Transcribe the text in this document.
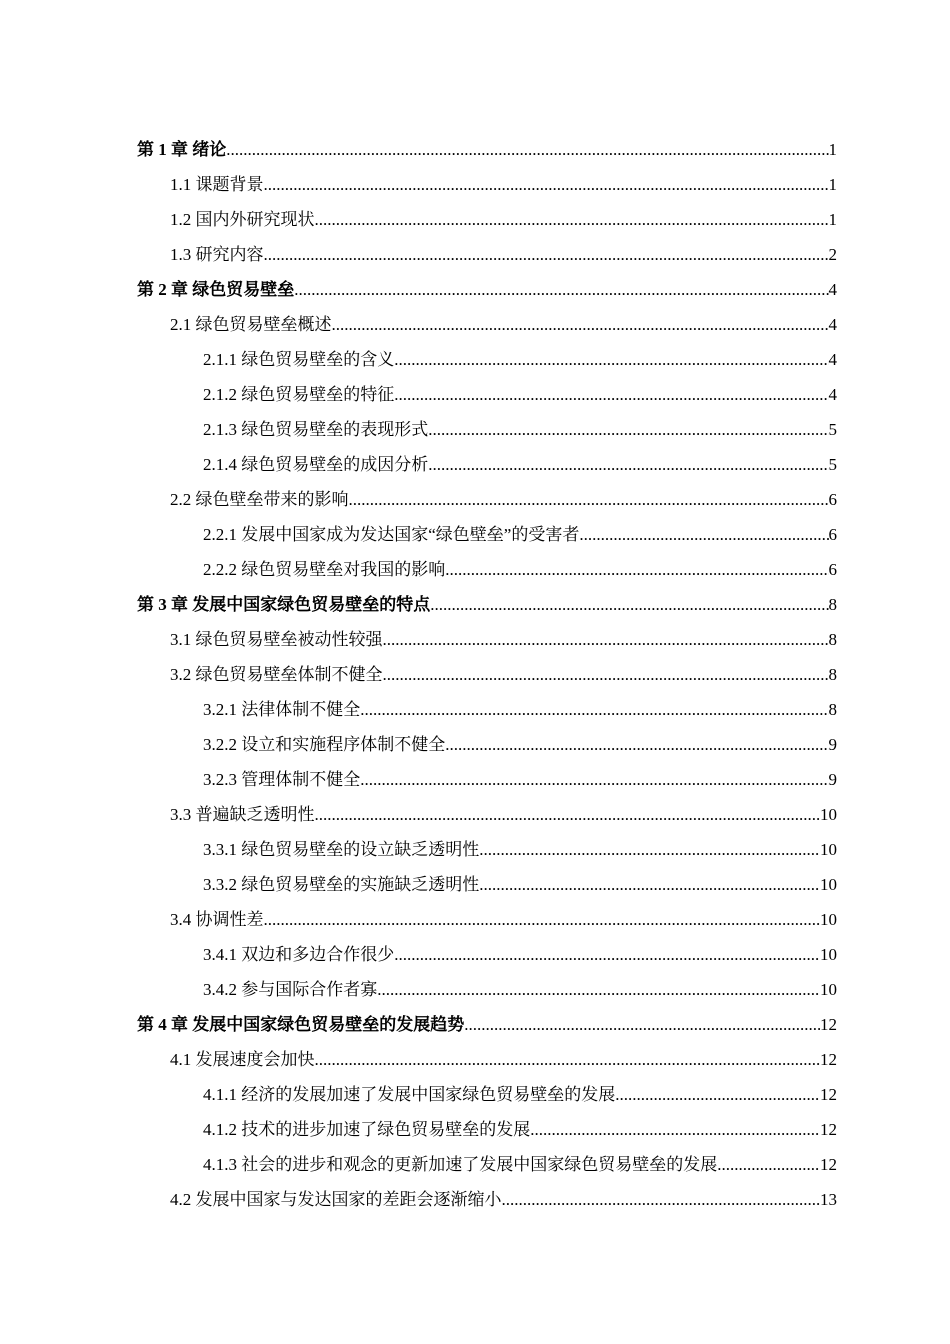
第 1 章 绪论 .....	1
1.1 课题背景 .....	1
1.2 国内外研究现状 .....	1
1.3 研究内容 .....	2
第 2 章 绿色贸易壁垒 .....	4
2.1 绿色贸易壁垒概述 .....	4
2.1.1 绿色贸易壁垒的含义 .....	4
2.1.2 绿色贸易壁垒的特征 .....	4
2.1.3 绿色贸易壁垒的表现形式 .....	5
2.1.4 绿色贸易壁垒的成因分析 .....	5
2.2 绿色壁垒带来的影响 .....	6
2.2.1 发展中国家成为发达国家“绿色壁垒”的受害者 .....	6
2.2.2 绿色贸易壁垒对我国的影响 .....	6
第 3 章 发展中国家绿色贸易壁垒的特点 .....	8
3.1 绿色贸易壁垒被动性较强 .....	8
3.2 绿色贸易壁垒体制不健全 .....	8
3.2.1 法律体制不健全 .....	8
3.2.2 设立和实施程序体制不健全 .....	9
3.2.3 管理体制不健全 .....	9
3.3 普遍缺乏透明性 .....	10
3.3.1 绿色贸易壁垒的设立缺乏透明性 .....	10
3.3.2 绿色贸易壁垒的实施缺乏透明性 .....	10
3.4 协调性差 .....	10
3.4.1 双边和多边合作很少 .....	10
3.4.2 参与国际合作者寡 .....	10
第 4 章 发展中国家绿色贸易壁垒的发展趋势 .....	12
4.1 发展速度会加快 .....	12
4.1.1 经济的发展加速了发展中国家绿色贸易壁垒的发展 .....	12
4.1.2 技术的进步加速了绿色贸易壁垒的发展 .....	12
4.1.3 社会的进步和观念的更新加速了发展中国家绿色贸易壁垒的发展 .....	12
4.2 发展中国家与发达国家的差距会逐渐缩小 .....	13
